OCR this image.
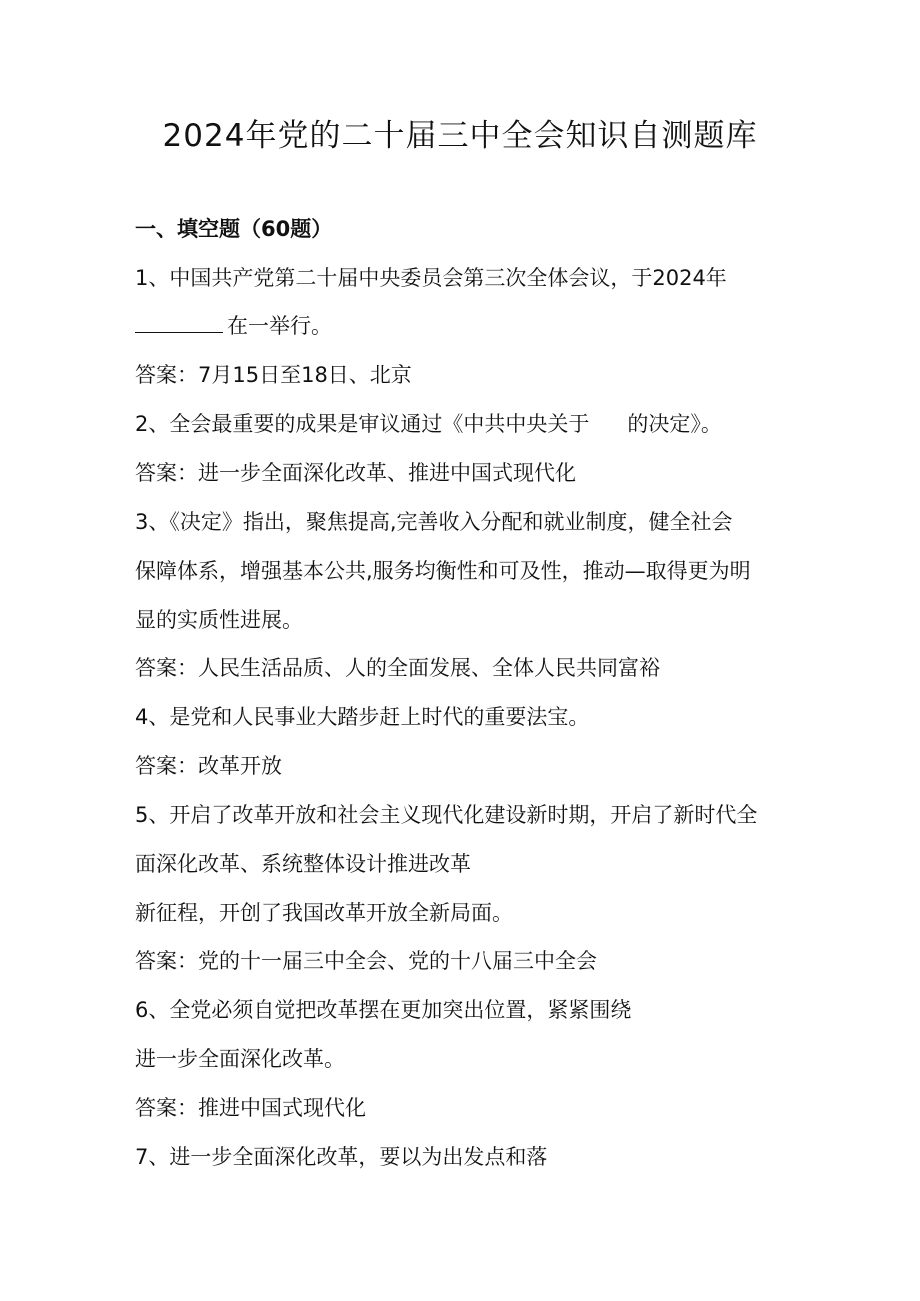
2024年党的二十届三中全会知识自测题库
一、填空题（60题）
1、中国共产党第二十届中央委员会第三次全体会议，于2024年
在一举行。
答案：7月15日至18日、北京
2、全会最重要的成果是审议通过《中共中央关于 的决定》。
答案：进一步全面深化改革、推进中国式现代化
3、《决定》指出，聚焦提高,完善收入分配和就业制度，健全社会
保障体系，增强基本公共,服务均衡性和可及性，推动—取得更为明
显的实质性进展。
答案：人民生活品质、人的全面发展、全体人民共同富裕
4、是党和人民事业大踏步赶上时代的重要法宝。
答案：改革开放
5、开启了改革开放和社会主义现代化建设新时期，开启了新时代全
面深化改革、系统整体设计推进改革
新征程，开创了我国改革开放全新局面。
答案：党的十一届三中全会、党的十八届三中全会
6、全党必须自觉把改革摆在更加突出位置，紧紧围绕
进一步全面深化改革。
答案：推进中国式现代化
7、进一步全面深化改革，要以为出发点和落
